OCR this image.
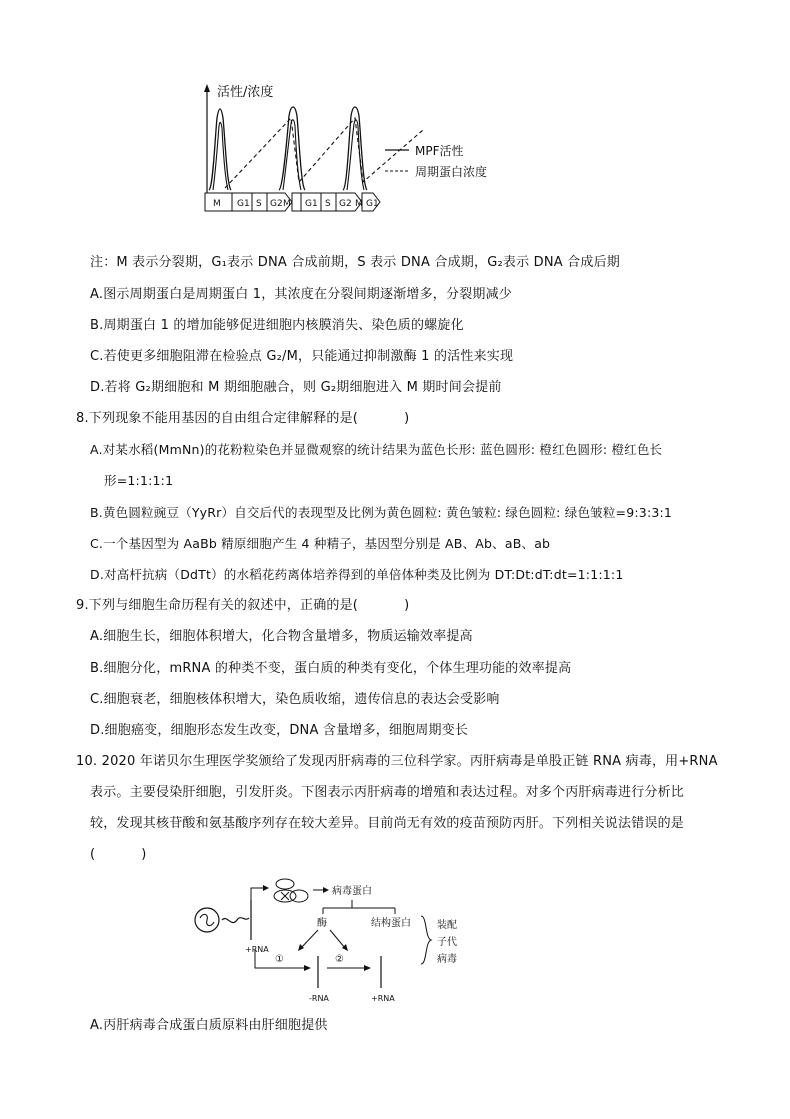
活性/浓度
MPF活性
周期蛋白浓度
M G1 S G2 M G1 S G2 M G1
注：M 表示分裂期，G₁表示 DNA 合成前期，S 表示 DNA 合成期，G₂表示 DNA 合成后期
A.图示周期蛋白是周期蛋白 1，其浓度在分裂间期逐渐增多，分裂期减少
B.周期蛋白 1 的增加能够促进细胞内核膜消失、染色质的螺旋化
C.若使更多细胞阻滞在检验点 G₂/M，只能通过抑制激酶 1 的活性来实现
D.若将 G₂期细胞和 M 期细胞融合，则 G₂期细胞进入 M 期时间会提前
8.下列现象不能用基因的自由组合定律解释的是(	)
A.对某水稻(MmNn)的花粉粒染色并显微观察的统计结果为蓝色长形: 蓝色圆形: 橙红色圆形: 橙红色长
形=1:1:1:1
B.黄色圆粒豌豆（YyRr）自交后代的表现型及比例为黄色圆粒: 黄色皱粒: 绿色圆粒: 绿色皱粒=9:3:3:1
C.一个基因型为 AaBb 精原细胞产生 4 种精子，基因型分别是 AB、Ab、aB、ab
D.对高杆抗病（DdTt）的水稻花药离体培养得到的单倍体种类及比例为 DT:Dt:dT:dt=1:1:1:1
9.下列与细胞生命历程有关的叙述中，正确的是(	)
A.细胞生长，细胞体积增大，化合物含量增多，物质运输效率提高
B.细胞分化，mRNA 的种类不变，蛋白质的种类有变化，个体生理功能的效率提高
C.细胞衰老，细胞核体积增大，染色质收缩，遗传信息的表达会受影响
D.细胞癌变，细胞形态发生改变，DNA 含量增多，细胞周期变长
10. 2020 年诺贝尔生理医学奖颁给了发现丙肝病毒的三位科学家。丙肝病毒是单股正链 RNA 病毒，用+RNA
表示。主要侵染肝细胞，引发肝炎。下图表示丙肝病毒的增殖和表达过程。对多个丙肝病毒进行分析比
较，发现其核苷酸和氨基酸序列存在较大差异。目前尚无有效的疫苗预防丙肝。下列相关说法错误的是
(	)
+RNA
病毒蛋白
酶	结构蛋白	装配
子代
病毒
①
-RNA
②
+RNA
A.丙肝病毒合成蛋白质原料由肝细胞提供
